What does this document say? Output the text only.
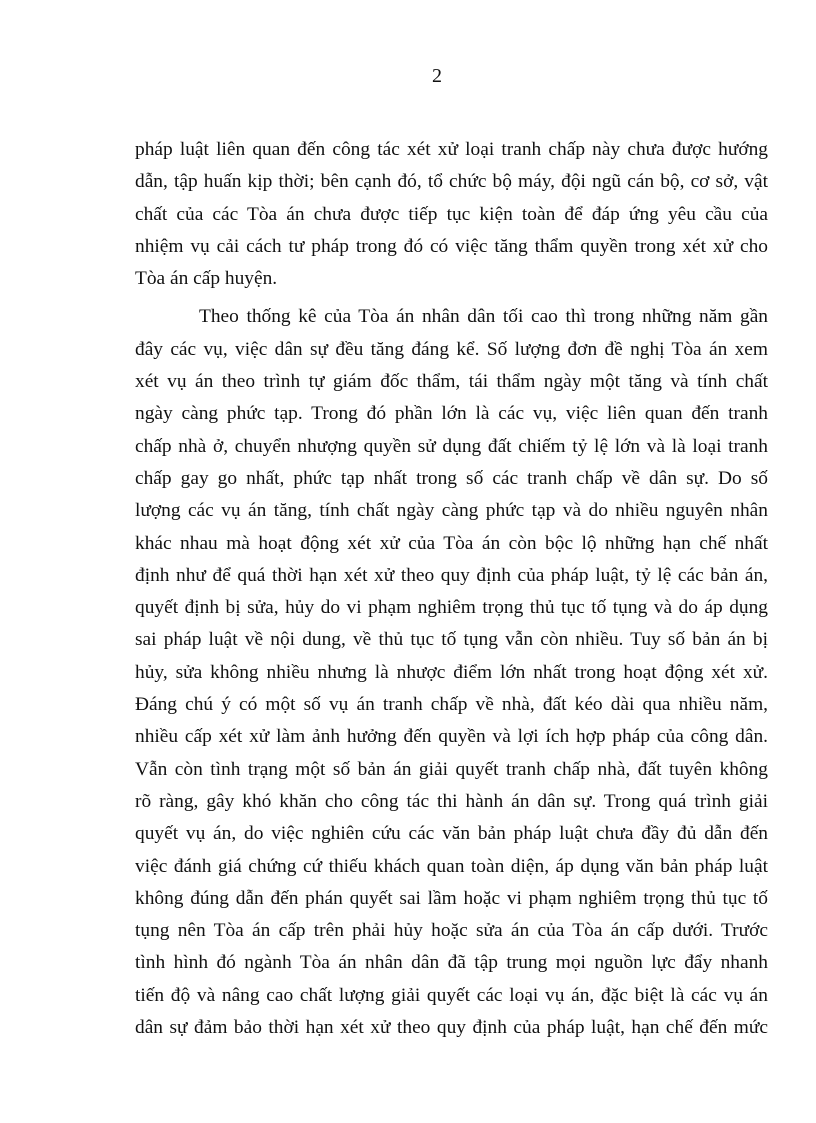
2

pháp luật liên quan đến công tác xét xử loại tranh chấp này chưa được hướng
dẫn, tập huấn kịp thời; bên cạnh đó, tổ chức bộ máy, đội ngũ cán bộ, cơ sở, vật
chất của các Tòa án chưa được tiếp tục kiện toàn để đáp ứng yêu cầu của
nhiệm vụ cải cách tư pháp trong đó có việc tăng thẩm quyền trong xét xử cho
Tòa án cấp huyện.

Theo thống kê của Tòa án nhân dân tối cao thì trong những năm gần
đây các vụ, việc dân sự đều tăng đáng kể. Số lượng đơn đề nghị Tòa án xem
xét vụ án theo trình tự giám đốc thẩm, tái thẩm ngày một tăng và tính chất
ngày càng phức tạp. Trong đó phần lớn là các vụ, việc liên quan đến tranh
chấp nhà ở, chuyển nhượng quyền sử dụng đất chiếm tỷ lệ lớn và là loại tranh
chấp gay go nhất, phức tạp nhất trong số các tranh chấp về dân sự. Do số
lượng các vụ án tăng, tính chất ngày càng phức tạp và do nhiều nguyên nhân
khác nhau mà hoạt động xét xử của Tòa án còn bộc lộ những hạn chế nhất
định như để quá thời hạn xét xử theo quy định của pháp luật, tỷ lệ các bản án,
quyết định bị sửa, hủy do vi phạm nghiêm trọng thủ tục tố tụng và do áp dụng
sai pháp luật về nội dung, về thủ tục tố tụng vẫn còn nhiều. Tuy số bản án bị
hủy, sửa không nhiều nhưng là nhược điểm lớn nhất trong hoạt động xét xử.
Đáng chú ý có một số vụ án tranh chấp về nhà, đất kéo dài qua nhiều năm,
nhiều cấp xét xử làm ảnh hưởng đến quyền và lợi ích hợp pháp của công dân.
Vẫn còn tình trạng một số bản án giải quyết tranh chấp nhà, đất tuyên không
rõ ràng, gây khó khăn cho công tác thi hành án dân sự. Trong quá trình giải
quyết vụ án, do việc nghiên cứu các văn bản pháp luật chưa đầy đủ dẫn đến
việc đánh giá chứng cứ thiếu khách quan toàn diện, áp dụng văn bản pháp luật
không đúng dẫn đến phán quyết sai lầm hoặc vi phạm nghiêm trọng thủ tục tố
tụng nên Tòa án cấp trên phải hủy hoặc sửa án của Tòa án cấp dưới. Trước
tình hình đó ngành Tòa án nhân dân đã tập trung mọi nguồn lực đẩy nhanh
tiến độ và nâng cao chất lượng giải quyết các loại vụ án, đặc biệt là các vụ án
dân sự đảm bảo thời hạn xét xử theo quy định của pháp luật, hạn chế đến mức
